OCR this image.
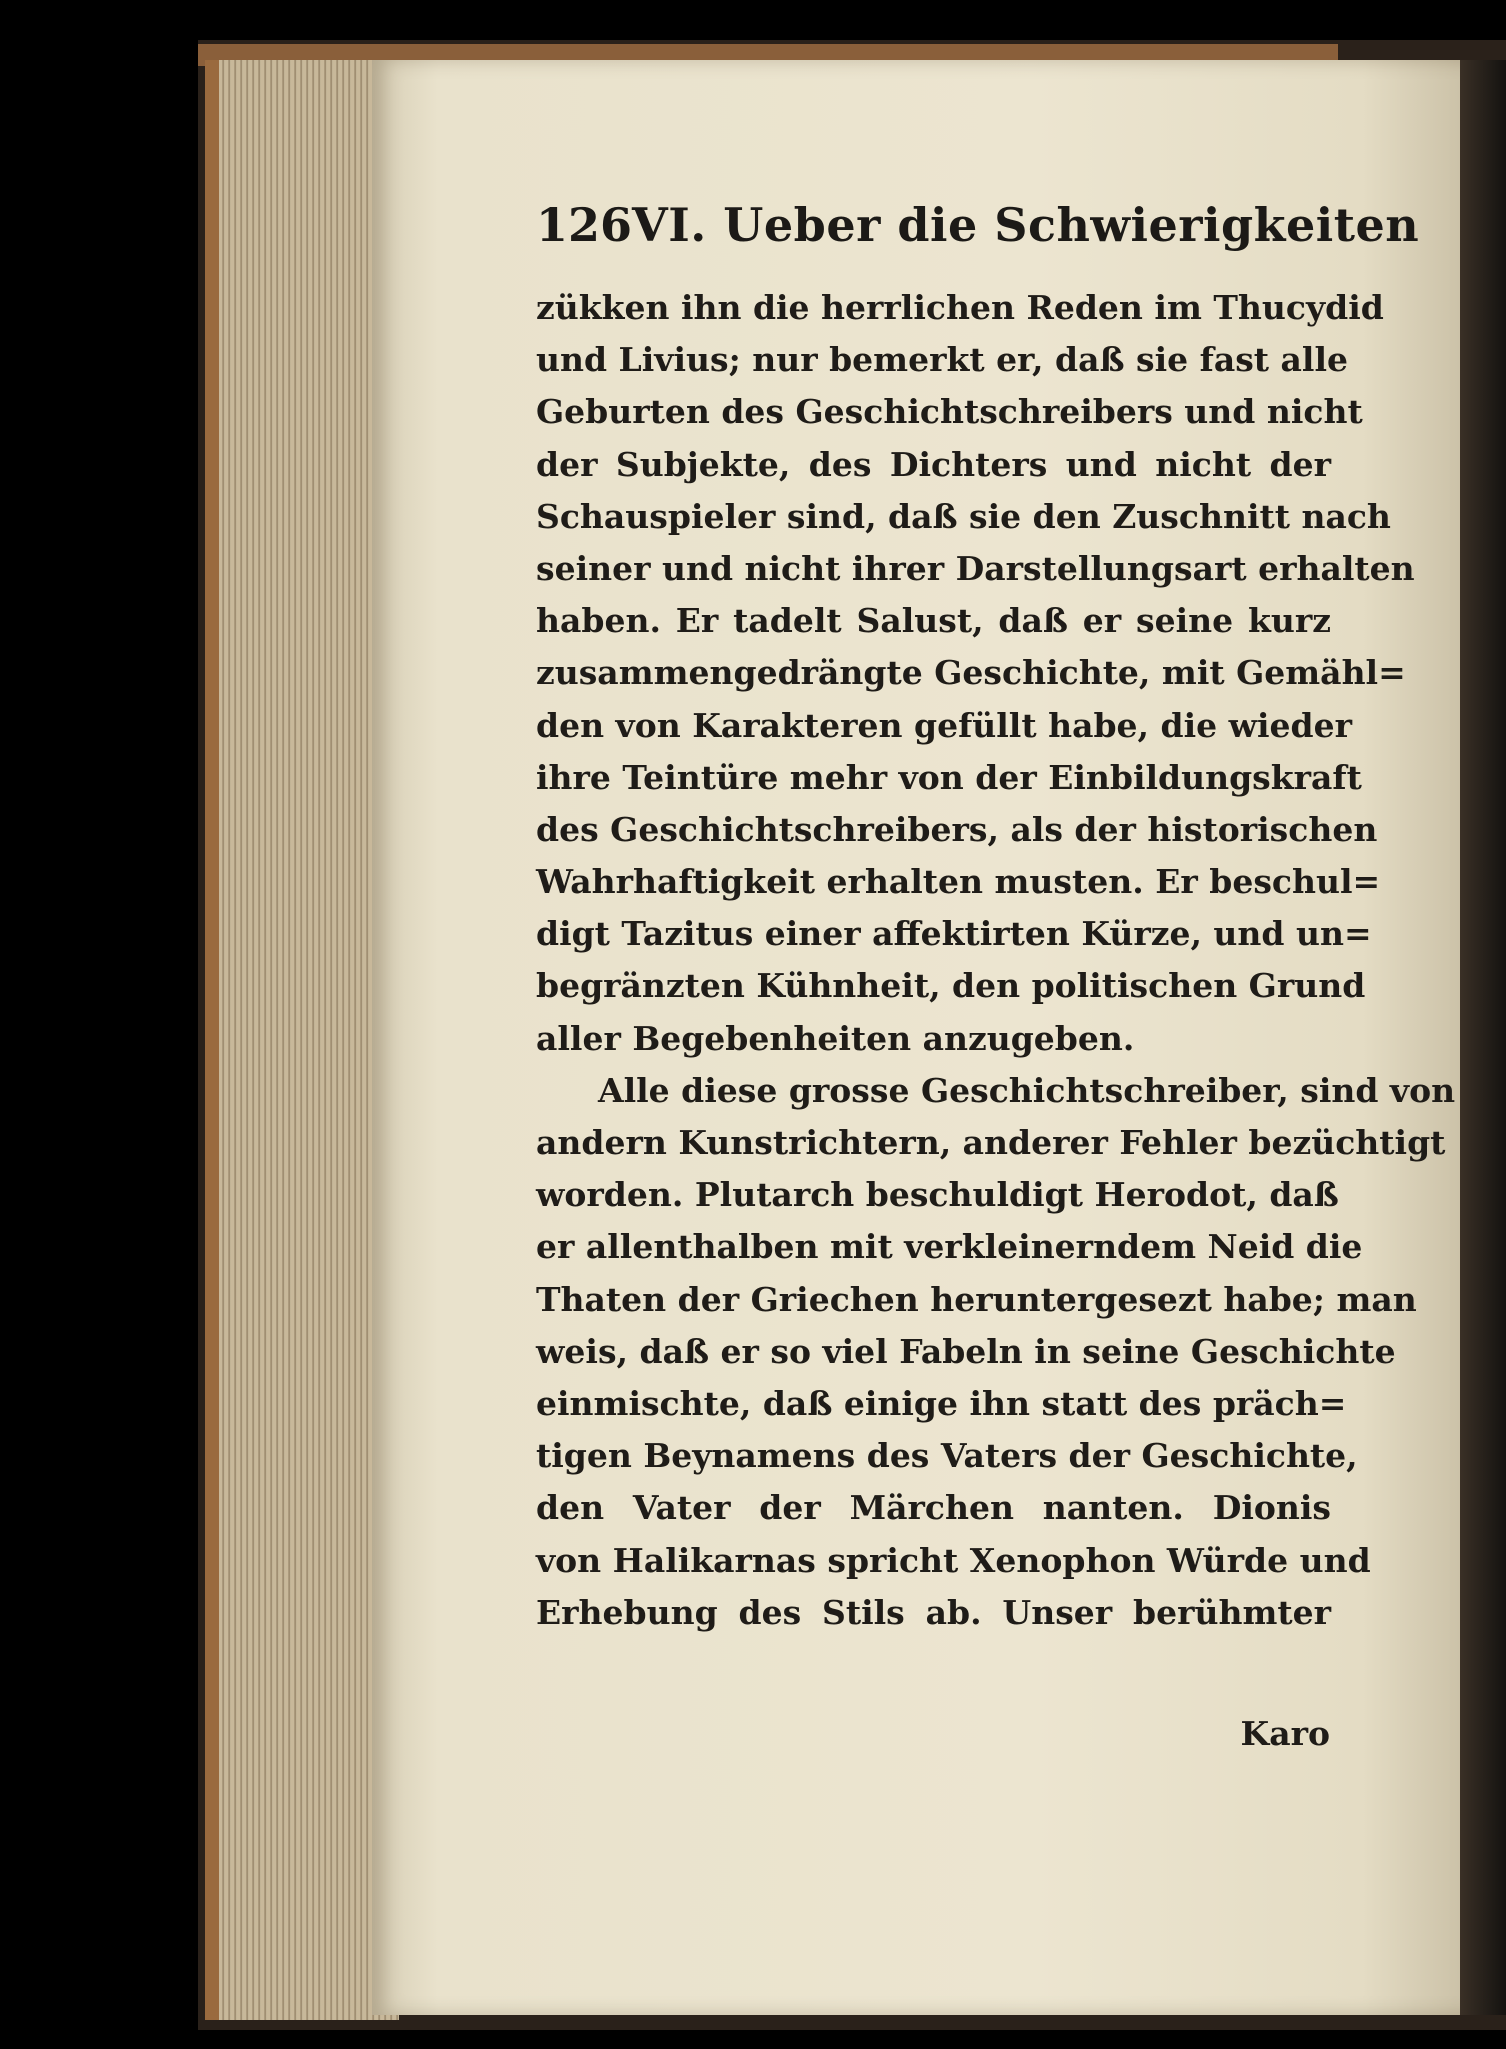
126 VI. Ueber die Schwierigkeiten
zükken ihn die herrlichen Reden im Thucydid
und Livius; nur bemerkt er, daß sie fast alle
Geburten des Geschichtschreibers und nicht
der Subjekte, des Dichters und nicht der
Schauspieler sind, daß sie den Zuschnitt nach
seiner und nicht ihrer Darstellungsart erhalten
haben. Er tadelt Salust, daß er seine kurz
zusammengedrängte Geschichte, mit Gemähl=
den von Karakteren gefüllt habe, die wieder
ihre Teintüre mehr von der Einbildungskraft
des Geschichtschreibers, als der historischen
Wahrhaftigkeit erhalten musten. Er beschul=
digt Tazitus einer affektirten Kürze, und un=
begränzten Kühnheit, den politischen Grund
aller Begebenheiten anzugeben.
Alle diese grosse Geschichtschreiber, sind von
andern Kunstrichtern, anderer Fehler bezüchtigt
worden. Plutarch beschuldigt Herodot, daß
er allenthalben mit verkleinerndem Neid die
Thaten der Griechen heruntergesezt habe; man
weis, daß er so viel Fabeln in seine Geschichte
einmischte, daß einige ihn statt des präch=
tigen Beynamens des Vaters der Geschichte,
den Vater der Märchen nanten. Dionis
von Halikarnas spricht Xenophon Würde und
Erhebung des Stils ab. Unser berühmter
Karo
